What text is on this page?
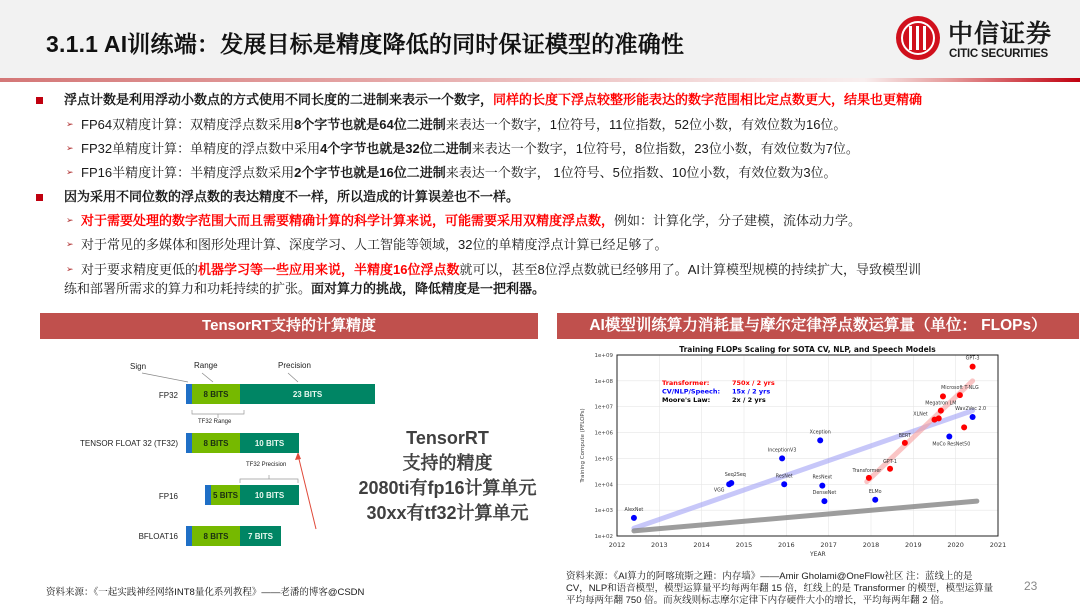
3.1.1 AI训练端：发展目标是精度降低的同时保证模型的准确性	中信证券
CITIC SECURITIES
浮点计数是利用浮动小数点的方式使用不同长度的二进制来表示一个数字，同样的长度下浮点较整形能表达的数字范围相比定点数更大，结果也更精确
➢ FP64双精度计算：双精度浮点数采用8个字节也就是64位二进制来表达一个数字，1位符号，11位指数，52位小数，有效位数为16位。
➢ FP32单精度计算：单精度的浮点数中采用4个字节也就是32位二进制来表达一个数字，1位符号，8位指数，23位小数，有效位数为7位。
➢ FP16半精度计算：半精度浮点数采用2个字节也就是16位二进制来表达一个数字， 1位符号、5位指数、10位小数，有效位数为3位。
因为采用不同位数的浮点数的表达精度不一样，所以造成的计算误差也不一样。
➢ 对于需要处理的数字范围大而且需要精确计算的科学计算来说，可能需要采用双精度浮点数，例如：计算化学，分子建模，流体动力学。
➢ 对于常见的多媒体和图形处理计算、深度学习、人工智能等领域，32位的单精度浮点计算已经足够了。
➢ 对于要求精度更低的机器学习等一些应用来说，半精度16位浮点数就可以，甚至8位浮点数就已经够用了。AI计算模型规模的持续扩大，导致模型训
练和部署所需求的算力和功耗持续的扩张。面对算力的挑战，降低精度是一把利器。
TensorRT支持的计算精度
Sign	Range	Precision
FP32	8 BITS	23 BITS
TF32 Range
TENSOR FLOAT 32 (TF32)	8 BITS	10 BITS
TF32 Precision
FP16	5 BITS	10 BITS
BFLOAT16	8 BITS	7 BITS
TensorRT
支持的精度
2080ti有fp16计算单元
30xx有tf32计算单元
资料来源：《一起实践神经网络INT8量化系列教程》——老潘的博客@CSDN
AI模型训练算力消耗量与摩尔定律浮点数运算量（单位： FLOPs）
1e+02
1e+03
1e+04
1e+05
1e+06
1e+07
1e+08
1e+09
2012	2013	2014	2015	2016	2017	2018	2019	2020	2021
YEAR
Training Compute (PFLOPs)
Training FLOPs Scaling for SOTA CV, NLP, and Speech Models
AlexNet
Seq2Seq
VGG
InceptionV3
ResNet
Xception
ResNext
DenseNet	ELMo
MoCo ResNet50
Wav2Vec 2.0
Transformer
GPT-1
BERT
XLNet
Megatron LM
Microsoft T-NLG
GPT-3
Transformer:	750x / 2 yrs
CV/NLP/Speech: 15x / 2 yrs
Moore's Law:	2x / 2 yrs
资料来源：《AI算力的阿喀琉斯之踵：内存墙》——Amir Gholami@OneFlow社区 注：蓝线上的是
CV，NLP和语音模型，模型运算量平均每两年翻 15 倍，红线上的是 Transformer 的模型，模型运算量
平均每两年翻 750 倍。而灰线则标志摩尔定律下内存硬件大小的增长，平均每两年翻 2 倍。
23
